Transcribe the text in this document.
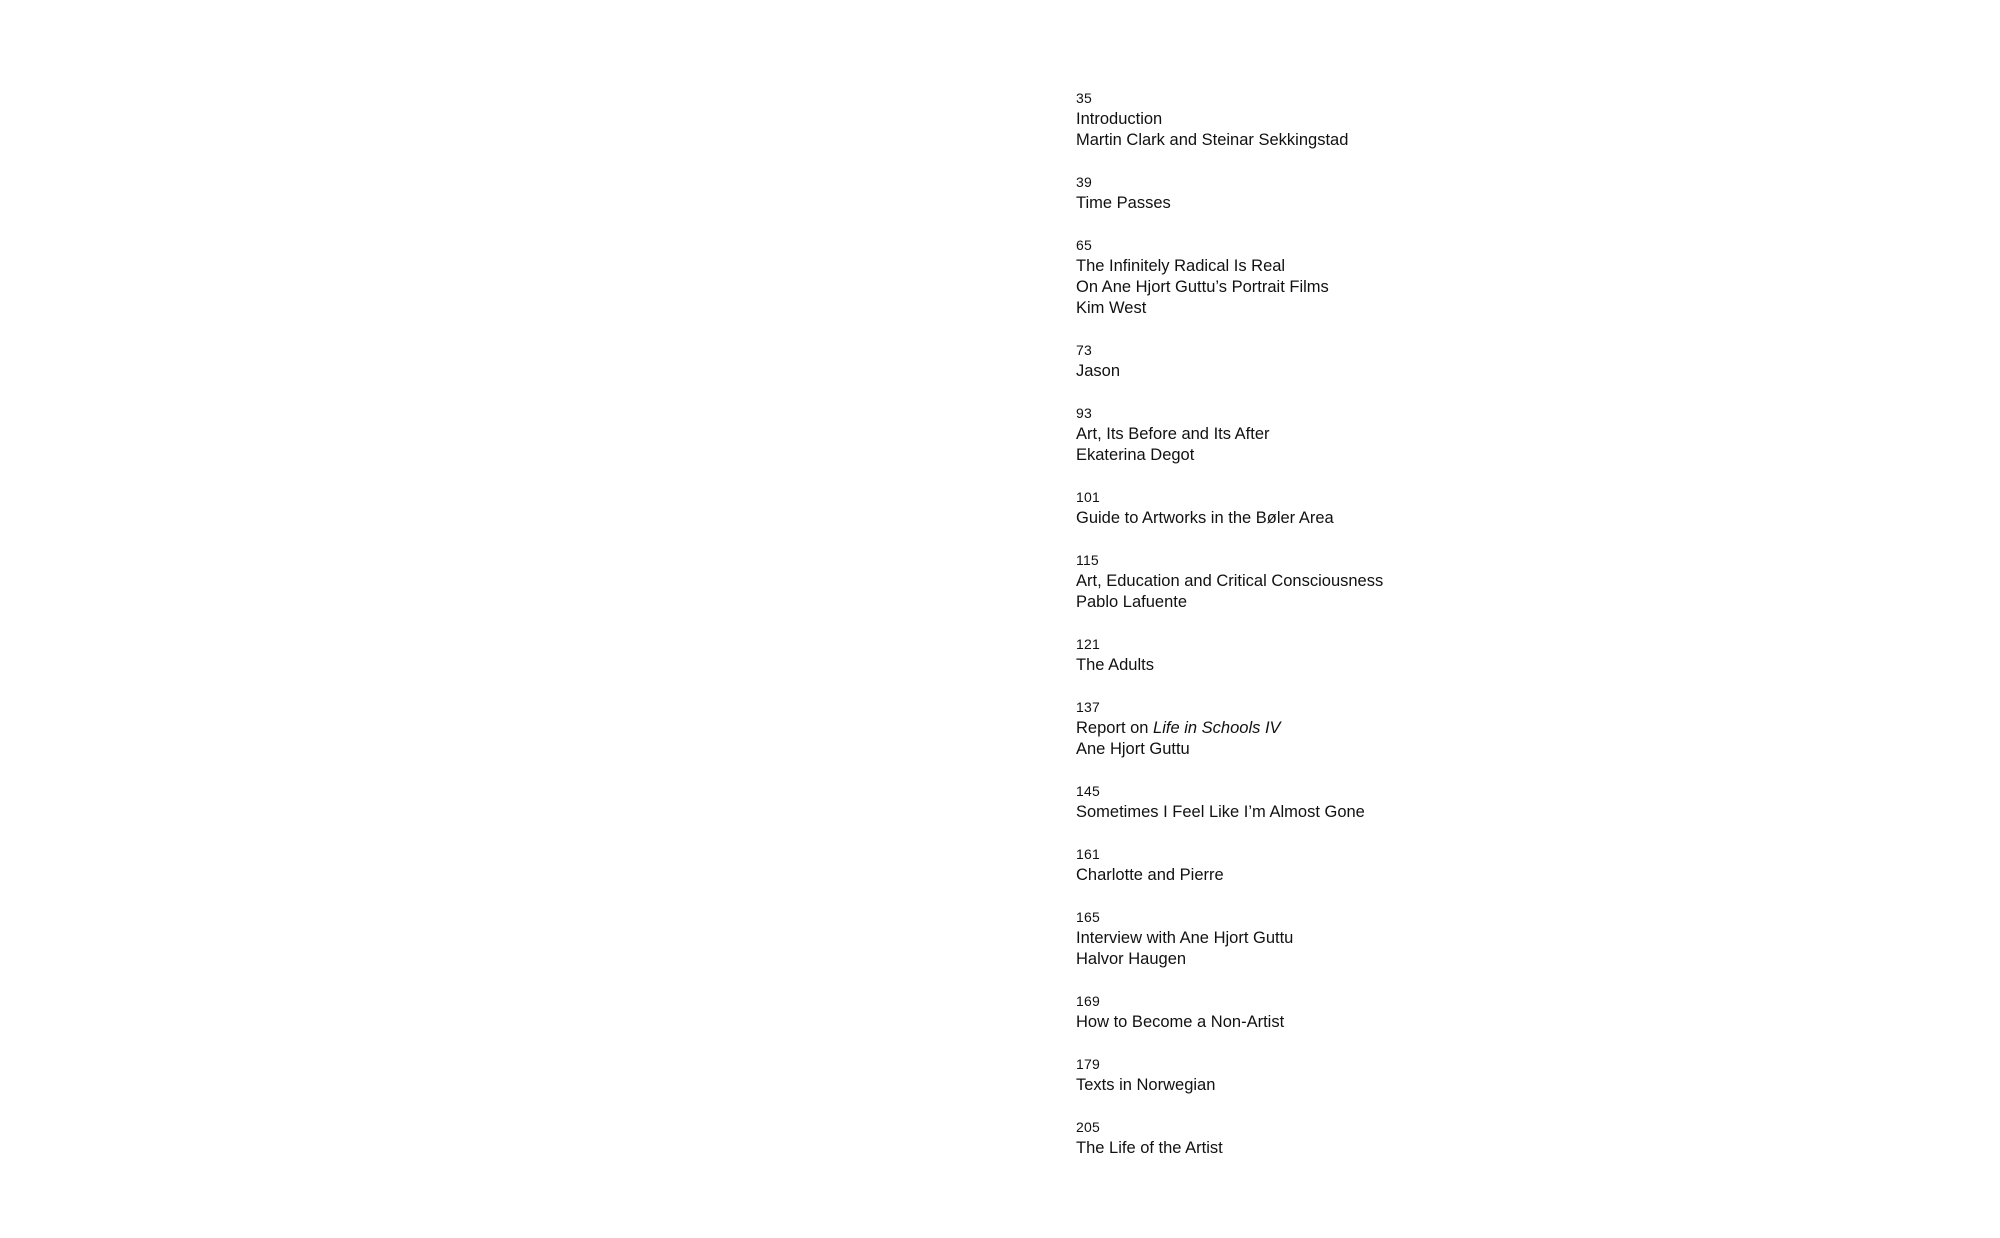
35
Introduction
Martin Clark and Steinar Sekkingstad
39
Time Passes
65
The Infinitely Radical Is Real
On Ane Hjort Guttu’s Portrait Films
Kim West
73
Jason
93
Art, Its Before and Its After
Ekaterina Degot
101
Guide to Artworks in the Bøler Area
115
Art, Education and Critical Consciousness
Pablo Lafuente
121
The Adults
137
Report on Life in Schools IV
Ane Hjort Guttu
145
Sometimes I Feel Like I’m Almost Gone
161
Charlotte and Pierre
165
Interview with Ane Hjort Guttu
Halvor Haugen
169
How to Become a Non-Artist
179
Texts in Norwegian
205
The Life of the Artist
